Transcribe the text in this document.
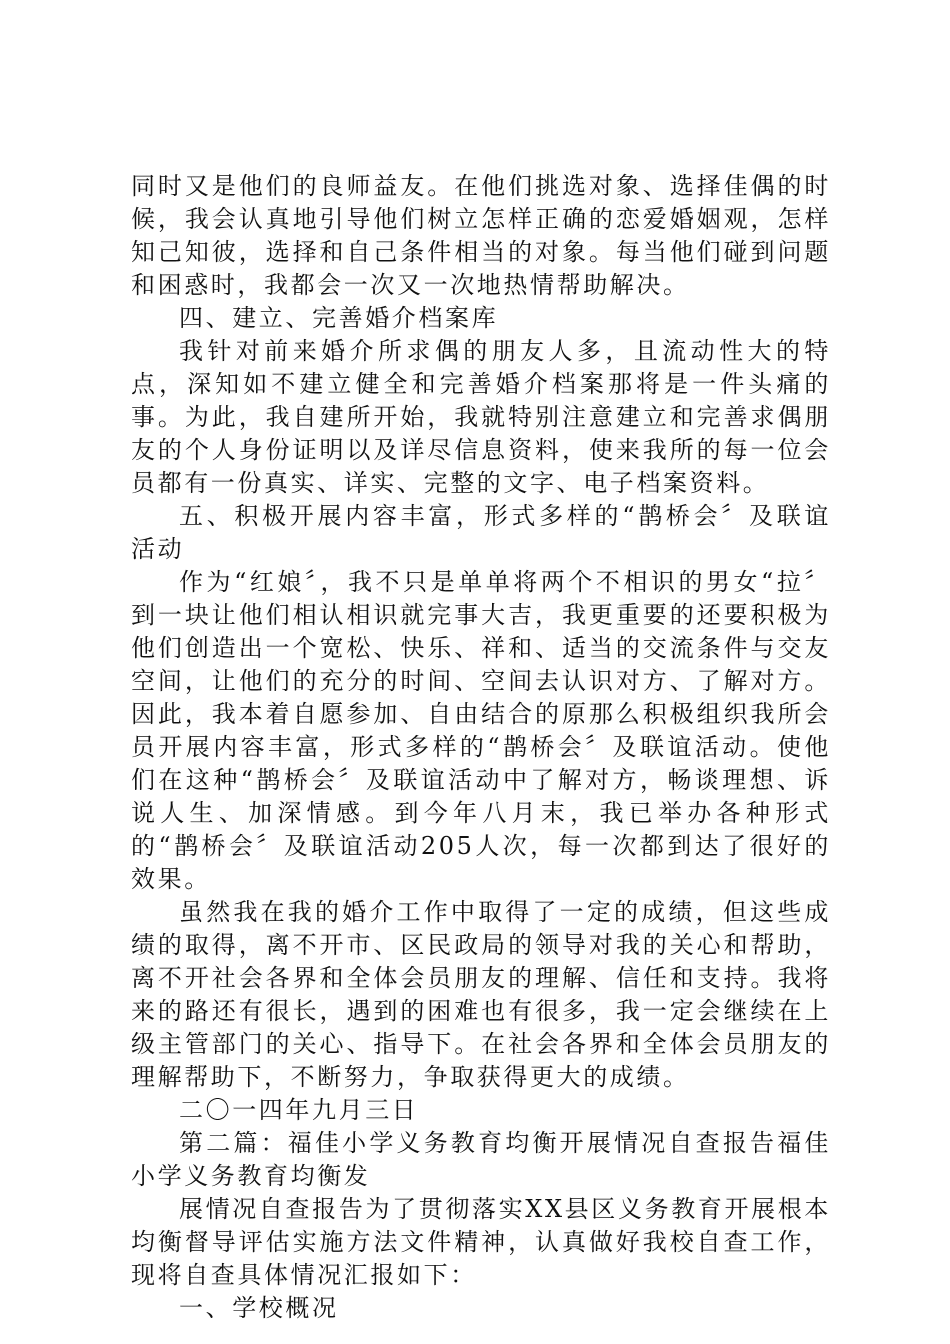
同时又是他们的良师益友。在他们挑选对象、选择佳偶的时候，我会认真地引导他们树立怎样正确的恋爱婚姻观，怎样知己知彼，选择和自己条件相当的对象。每当他们碰到问题和困惑时，我都会一次又一次地热情帮助解决。

四、建立、完善婚介档案库

我针对前来婚介所求偶的朋友人多，且流动性大的特点，深知如不建立健全和完善婚介档案那将是一件头痛的事。为此，我自建所开始，我就特别注意建立和完善求偶朋友的个人身份证明以及详尽信息资料，使来我所的每一位会员都有一份真实、详实、完整的文字、电子档案资料。

五、积极开展内容丰富，形式多样的“鹊桥会〞及联谊活动

作为“红娘〞，我不只是单单将两个不相识的男女“拉〞到一块让他们相认相识就完事大吉，我更重要的还要积极为他们创造出一个宽松、快乐、祥和、适当的交流条件与交友空间，让他们的充分的时间、空间去认识对方、了解对方。因此，我本着自愿参加、自由结合的原那么积极组织我所会员开展内容丰富，形式多样的“鹊桥会〞及联谊活动。使他们在这种“鹊桥会〞及联谊活动中了解对方，畅谈理想、诉说人生、加深情感。到今年八月末，我已举办各种形式的“鹊桥会〞及联谊活动205人次，每一次都到达了很好的效果。

虽然我在我的婚介工作中取得了一定的成绩，但这些成绩的取得，离不开市、区民政局的领导对我的关心和帮助，离不开社会各界和全体会员朋友的理解、信任和支持。我将来的路还有很长，遇到的困难也有很多，我一定会继续在上级主管部门的关心、指导下。在社会各界和全体会员朋友的理解帮助下，不断努力，争取获得更大的成绩。

二〇一四年九月三日

第二篇：福佳小学义务教育均衡开展情况自查报告福佳小学义务教育均衡发

展情况自查报告为了贯彻落实XX县区义务教育开展根本均衡督导评估实施方法文件精神，认真做好我校自查工作，现将自查具体情况汇报如下：

一、学校概况
